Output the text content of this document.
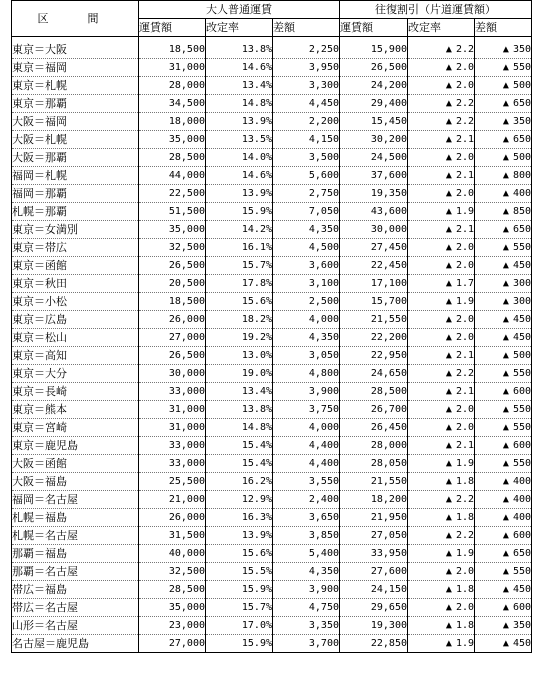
区　間	大人普通運賃			往復割引（片道運賃額）		
	運賃額	改定率	差額	運賃額	改定率	差額

東京＝大阪	18,500	13.8%	2,250	15,900	▲ 2.2	▲ 350
東京＝福岡	31,000	14.6%	3,950	26,500	▲ 2.0	▲ 550
東京＝札幌	28,000	13.4%	3,300	24,200	▲ 2.0	▲ 500
東京＝那覇	34,500	14.8%	4,450	29,400	▲ 2.2	▲ 650
大阪＝福岡	18,000	13.9%	2,200	15,450	▲ 2.2	▲ 350
大阪＝札幌	35,000	13.5%	4,150	30,200	▲ 2.1	▲ 650
大阪＝那覇	28,500	14.0%	3,500	24,500	▲ 2.0	▲ 500
福岡＝札幌	44,000	14.6%	5,600	37,600	▲ 2.1	▲ 800
福岡＝那覇	22,500	13.9%	2,750	19,350	▲ 2.0	▲ 400
札幌＝那覇	51,500	15.9%	7,050	43,600	▲ 1.9	▲ 850
東京＝女満別	35,000	14.2%	4,350	30,000	▲ 2.1	▲ 650
東京＝帯広	32,500	16.1%	4,500	27,450	▲ 2.0	▲ 550
東京＝函館	26,500	15.7%	3,600	22,450	▲ 2.0	▲ 450
東京＝秋田	20,500	17.8%	3,100	17,100	▲ 1.7	▲ 300
東京＝小松	18,500	15.6%	2,500	15,700	▲ 1.9	▲ 300
東京＝広島	26,000	18.2%	4,000	21,550	▲ 2.0	▲ 450
東京＝松山	27,000	19.2%	4,350	22,200	▲ 2.0	▲ 450
東京＝高知	26,500	13.0%	3,050	22,950	▲ 2.1	▲ 500
東京＝大分	30,000	19.0%	4,800	24,650	▲ 2.2	▲ 550
東京＝長崎	33,000	13.4%	3,900	28,500	▲ 2.1	▲ 600
東京＝熊本	31,000	13.8%	3,750	26,700	▲ 2.0	▲ 550
東京＝宮崎	31,000	14.8%	4,000	26,450	▲ 2.0	▲ 550
東京＝鹿児島	33,000	15.4%	4,400	28,000	▲ 2.1	▲ 600
大阪＝函館	33,000	15.4%	4,400	28,050	▲ 1.9	▲ 550
大阪＝福島	25,500	16.2%	3,550	21,550	▲ 1.8	▲ 400
福岡＝名古屋	21,000	12.9%	2,400	18,200	▲ 2.2	▲ 400
札幌＝福島	26,000	16.3%	3,650	21,950	▲ 1.8	▲ 400
札幌＝名古屋	31,500	13.9%	3,850	27,050	▲ 2.2	▲ 600
那覇＝福島	40,000	15.6%	5,400	33,950	▲ 1.9	▲ 650
那覇＝名古屋	32,500	15.5%	4,350	27,600	▲ 2.0	▲ 550
帯広＝福島	28,500	15.9%	3,900	24,150	▲ 1.8	▲ 450
帯広＝名古屋	35,000	15.7%	4,750	29,650	▲ 2.0	▲ 600
山形＝名古屋	23,000	17.0%	3,350	19,300	▲ 1.8	▲ 350
名古屋＝鹿児島	27,000	15.9%	3,700	22,850	▲ 1.9	▲ 450
